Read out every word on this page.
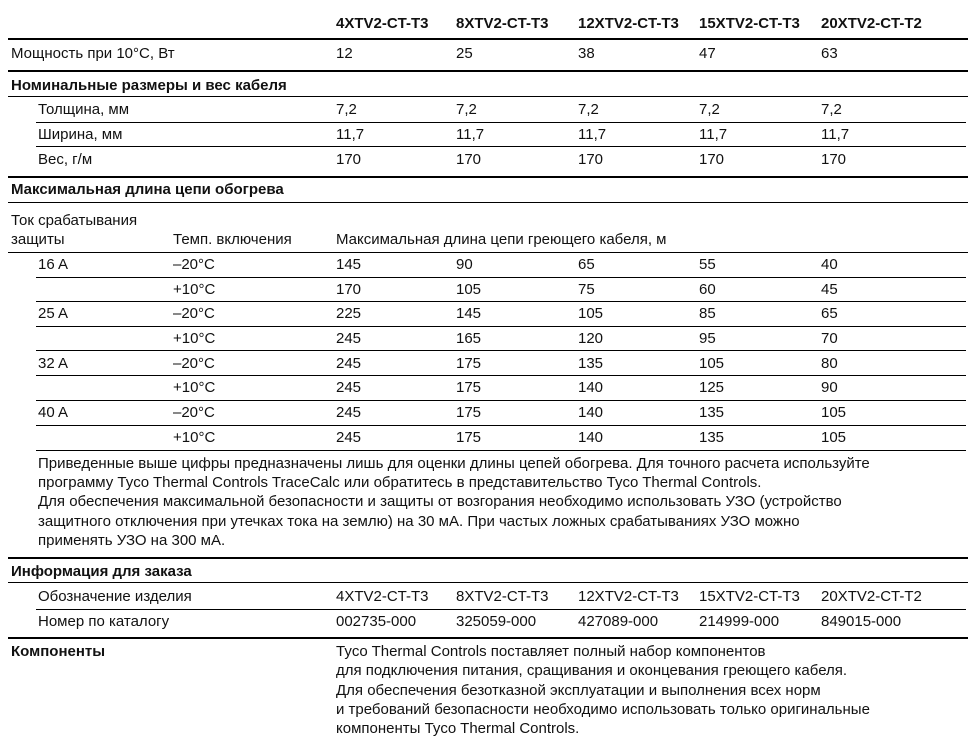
4XTV2-CT-T3 8XTV2-CT-T3 12XTV2-CT-T3 15XTV2-CT-T3 20XTV2-CT-T2
Мощность при 10°C, Вт	12	25	38	47	63
Номинальные размеры и вес кабеля
Толщина, мм	7,2	7,2	7,2	7,2	7,2
Ширина, мм	11,7	11,7	11,7	11,7	11,7
Вес, г/м	170	170	170	170	170
Максимальная длина цепи обогрева
Ток срабатывания
защиты	Темп. включения	Максимальная длина цепи греющего кабеля, м
16 A	–20°C	145	90	65	55	40
+10°C	170	105	75	60	45
25 A	–20°C	225	145	105	85	65
+10°C	245	165	120	95	70
32 A	–20°C	245	175	135	105	80
+10°C	245	175	140	125	90
40 A	–20°C	245	175	140	135	105
+10°C	245	175	140	135	105
Приведенные выше цифры предназначены лишь для оценки длины цепей обогрева. Для точного расчета используйте
программу Tyco Thermal Controls TraceCalc или обратитесь в представительство Tyco Thermal Controls.
Для обеспечения максимальной безопасности и защиты от возгорания необходимо использовать УЗО (устройство
защитного отключения при утечках тока на землю) на 30 мА. При частых ложных срабатываниях УЗО можно
применять УЗО на 300 мА.
Информация для заказа
Обозначение изделия	4XTV2-CT-T3 8XTV2-CT-T3 12XTV2-CT-T3 15XTV2-CT-T3 20XTV2-CT-T2
Номер по каталогу	002735-000	325059-000	427089-000	214999-000	849015-000
Компоненты	Tyco Thermal Controls поставляет полный набор компонентов
для подключения питания, сращивания и оконцевания греющего кабеля.
Для обеспечения безотказной эксплуатации и выполнения всех норм
и требований безопасности необходимо использовать только оригинальные
компоненты Tyco Thermal Controls.
